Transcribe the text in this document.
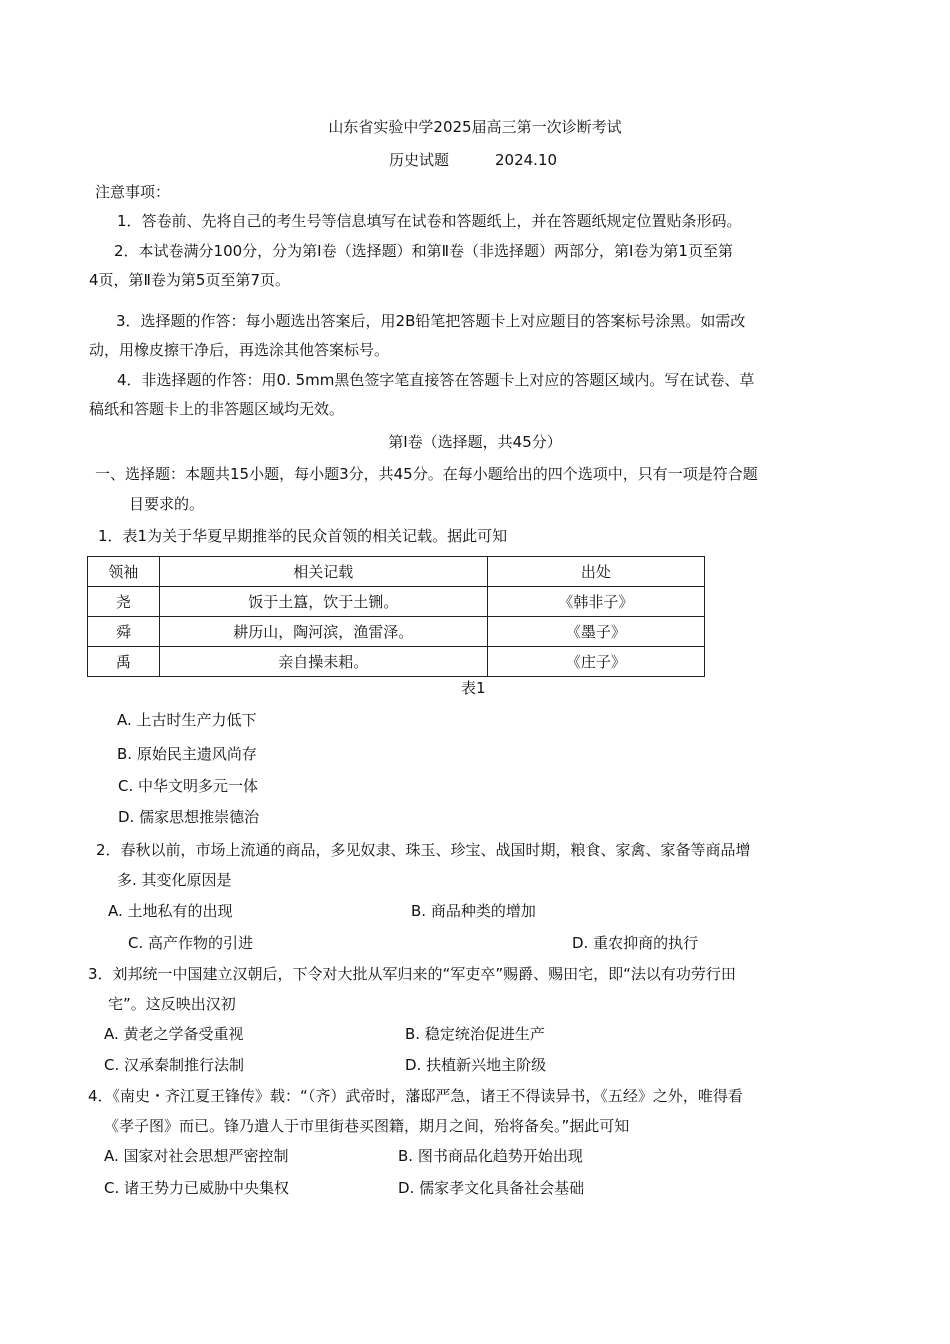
山东省实验中学2025届高三第一次诊断考试
历史试题	2024.10
注意事项：
1．答卷前、先将自己的考生号等信息填写在试卷和答题纸上，并在答题纸规定位置贴条形码。
2．本试卷满分100分，分为第Ⅰ卷（选择题）和第Ⅱ卷（非选择题）两部分，第Ⅰ卷为第1页至第
4页，第Ⅱ卷为第5页至第7页。
3．选择题的作答：每小题选出答案后，用2B铅笔把答题卡上对应题目的答案标号涂黑。如需改
动，用橡皮擦干净后，再选涂其他答案标号。
4．非选择题的作答：用0. 5mm黑色签字笔直接答在答题卡上对应的答题区域内。写在试卷、草
稿纸和答题卡上的非答题区域均无效。
第Ⅰ卷（选择题，共45分）
一、选择题：本题共15小题，每小题3分，共45分。在每小题给出的四个选项中，只有一项是符合题
目要求的。
1．表1为关于华夏早期推举的民众首领的相关记载。据此可知
领袖	相关记载	出处
尧	饭于土簋，饮于土铏。	《韩非子》
舜	耕历山，陶河滨，渔雷泽。	《墨子》
禹	亲自操耒耜。	《庄子》
表1
A. 上古时生产力低下
B. 原始民主遗风尚存
C. 中华文明多元一体
D. 儒家思想推崇德治
2．春秋以前，市场上流通的商品，多见奴隶、珠玉、珍宝、战国时期，粮食、家禽、家备等商品增
多. 其变化原因是
A. 土地私有的出现	B. 商品种类的增加
C. 高产作物的引进	D. 重农抑商的执行
3．刘邦统一中国建立汉朝后，下令对大批从军归来的“军吏卒”赐爵、赐田宅，即“法以有功劳行田
宅”。这反映出汉初
A. 黄老之学备受重视	B. 稳定统治促进生产
C. 汉承秦制推行法制	D. 扶植新兴地主阶级
4．《南史・齐江夏王锋传》载：“（齐）武帝时，藩邸严急，诸王不得读异书，《五经》之外，唯得看
《孝子图》而已。锋乃遣人于市里街巷买图籍，期月之间，殆将备矣。”据此可知
A. 国家对社会思想严密控制	B. 图书商品化趋势开始出现
C. 诸王势力已威胁中央集权	D. 儒家孝文化具备社会基础
